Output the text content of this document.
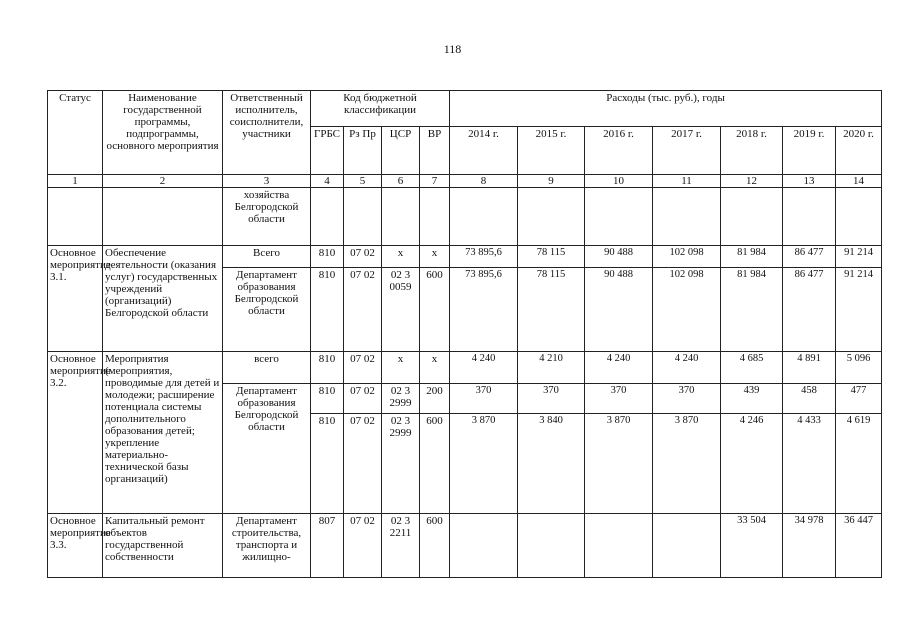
118
Статус	Наименование государственной программы, подпрограммы, основного мероприятия	Ответственный исполнитель, соисполнители, участники	Код бюджетной классификации				Расходы (тыс. руб.), годы						
			ГРБС	Рз Пр	ЦСР	ВР	2014 г.	2015 г.	2016 г.	2017 г.	2018 г.	2019 г.	2020 г.
1	2	3	4	5	6	7	8	9	10	11	12	13	14
		хозяйства Белгородской области											
Основное мероприятие 3.1.	Обеспечение деятельности (оказания услуг) государственных учреждений (организаций) Белгородской области	Всего	810	07 02	х	х	73 895,6	78 115	90 488	102 098	81 984	86 477	91 214
		Департамент образования Белгородской области	810	07 02	02 3 0059	600	73 895,6	78 115	90 488	102 098	81 984	86 477	91 214
Основное мероприятие 3.2.	Мероприятия (мероприятия, проводимые для детей и молодежи; расширение потенциала системы дополнительного образования детей; укрепление материально-технической базы организаций)	всего	810	07 02	х	х	4 240	4 210	4 240	4 240	4 685	4 891	5 096
		Департамент образования Белгородской области	810	07 02	02 3 2999	200	370	370	370	370	439	458	477
			810	07 02	02 3 2999	600	3 870	3 840	3 870	3 870	4 246	4 433	4 619
Основное мероприятие 3.3.	Капитальный ремонт объектов государственной собственности	Департамент строительства, транспорта и жилищно-	807	07 02	02 3 2211	600					33 504	34 978	36 447
